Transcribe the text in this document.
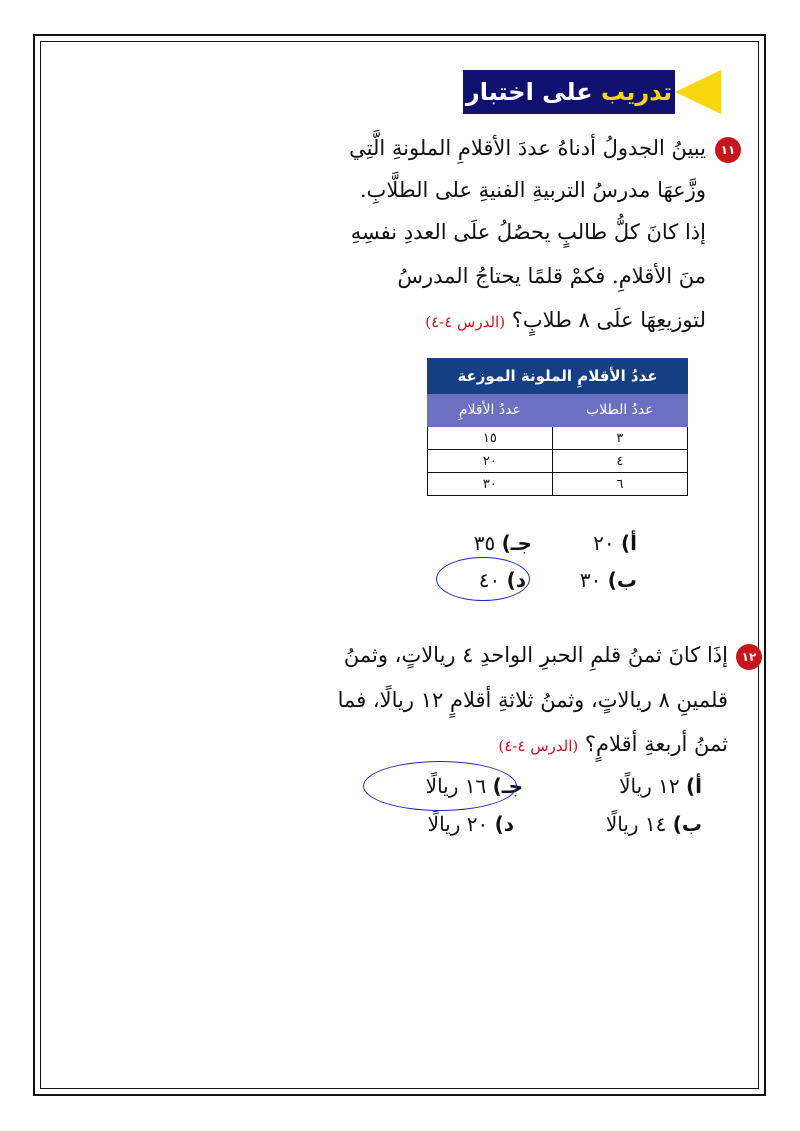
تدريب على اختبار
١١
يبينُ الجدولُ أدناهُ عددَ الأقلامِ الملونةِ الَّتِي
وزَّعهَا مدرسُ التربيةِ الفنيةِ على الطلَّابِ.
إذا كانَ كلُّ طالبٍ يحصُلُ علَى العددِ نفسِهِ
منَ الأقلامِ. فكمْ قلمًا يحتاجُ المدرسُ
لتوزيعِهَا علَى ٨ طلابٍ؟ (الدرس ٤-٤)
عددُ الأقلامِ الملونة الموزعة	
عددُ الطلاب	عددُ الأقلامِ
٣	١٥
٤	٢٠
٦	٣٠
أ) ٢٠
جـ) ٣٥
ب) ٣٠
د) ٤٠
١٢
إذَا كانَ ثمنُ قلمِ الحبرِ الواحدِ ٤ ريالاتٍ، وثمنُ
قلمينِ ٨ ريالاتٍ، وثمنُ ثلاثةِ أقلامٍ ١٢ ريالًا، فما
ثمنُ أربعةِ أقلامٍ؟ (الدرس ٤-٤)
أ) ١٢ ريالًا
جـ) ١٦ ريالًا
ب) ١٤ ريالًا
د) ٢٠ ريالًا
